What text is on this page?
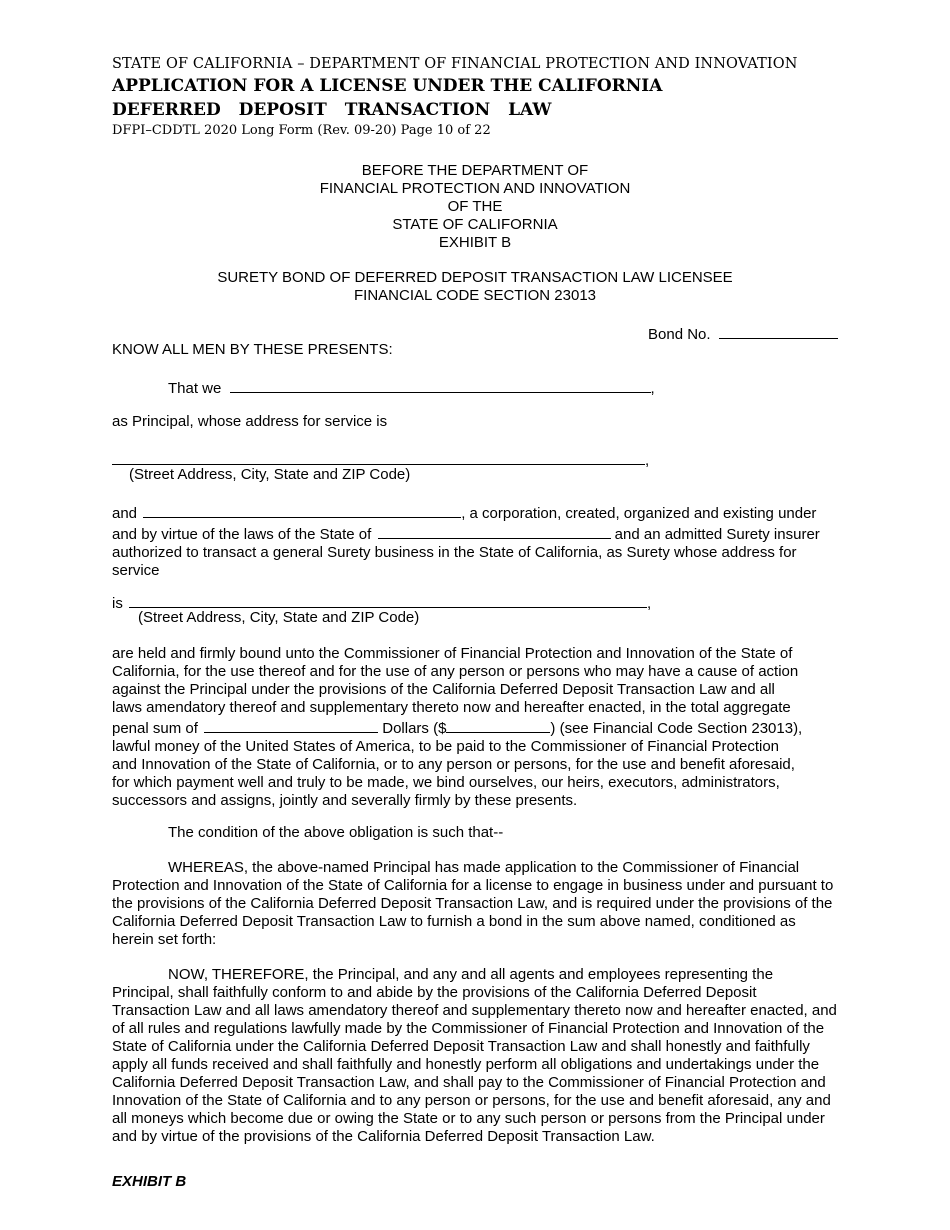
STATE OF CALIFORNIA – DEPARTMENT OF FINANCIAL PROTECTION AND INNOVATION
APPLICATION FOR A LICENSE UNDER THE CALIFORNIA
DEFERRED DEPOSIT TRANSACTION LAW
DFPI–CDDTL 2020 Long Form (Rev. 09-20) Page 10 of 22
BEFORE THE DEPARTMENT OF
FINANCIAL PROTECTION AND INNOVATION
OF THE
STATE OF CALIFORNIA
EXHIBIT B
SURETY BOND OF DEFERRED DEPOSIT TRANSACTION LAW LICENSEE
FINANCIAL CODE SECTION 23013
Bond No.
KNOW ALL MEN BY THESE PRESENTS:
That we	,
as Principal, whose address for service is
,
(Street Address, City, State and ZIP Code)
and	, a corporation, created, organized and existing under
and by virtue of the laws of the State of	and an admitted Surety insurer
authorized to transact a general Surety business in the State of California, as Surety whose address for
service
is	,
(Street Address, City, State and ZIP Code)
are held and firmly bound unto the Commissioner of Financial Protection and Innovation of the State of
California, for the use thereof and for the use of any person or persons who may have a cause of action
against the Principal under the provisions of the California Deferred Deposit Transaction Law and all
laws amendatory thereof and supplementary thereto now and hereafter enacted, in the total aggregate
penal sum of	Dollars ($	) (see Financial Code Section 23013),
lawful money of the United States of America, to be paid to the Commissioner of Financial Protection
and Innovation of the State of California, or to any person or persons, for the use and benefit aforesaid,
for which payment well and truly to be made, we bind ourselves, our heirs, executors, administrators,
successors and assigns, jointly and severally firmly by these presents.
The condition of the above obligation is such that--
WHEREAS, the above-named Principal has made application to the Commissioner of Financial Protection and Innovation of the State of California for a license to engage in business under and pursuant to the provisions of the California Deferred Deposit Transaction Law, and is required under the provisions of the California Deferred Deposit Transaction Law to furnish a bond in the sum above named, conditioned as herein set forth:
NOW, THEREFORE, the Principal, and any and all agents and employees representing the Principal, shall faithfully conform to and abide by the provisions of the California Deferred Deposit Transaction Law and all laws amendatory thereof and supplementary thereto now and hereafter enacted, and of all rules and regulations lawfully made by the Commissioner of Financial Protection and Innovation of the State of California under the California Deferred Deposit Transaction Law and shall honestly and faithfully apply all funds received and shall faithfully and honestly perform all obligations and undertakings under the California Deferred Deposit Transaction Law, and shall pay to the Commissioner of Financial Protection and Innovation of the State of California and to any person or persons, for the use and benefit aforesaid, any and all moneys which become due or owing the State or to any such person or persons from the Principal under and by virtue of the provisions of the California Deferred Deposit Transaction Law.
EXHIBIT B
